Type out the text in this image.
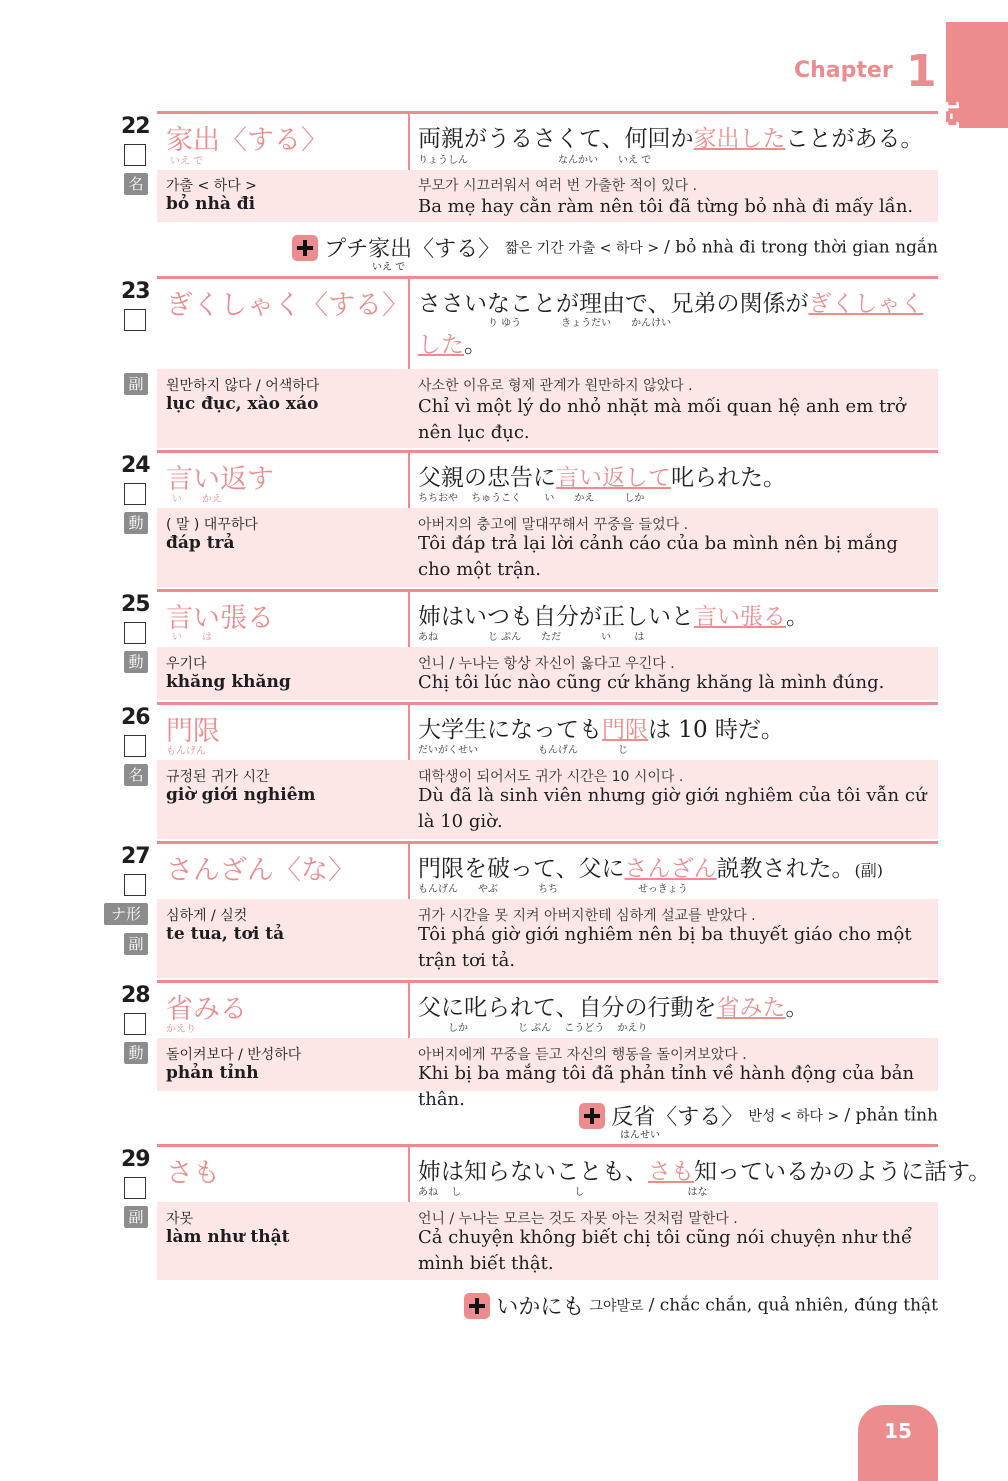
Chapter 1
1-155
22
名
家出〈する〉
いえ で
両親がうるさくて、何回か家出したことがある。
りょうしん　　　　　　　　　なんかい　　いえ で
가출 < 하다 >
bỏ nhà đi
부모가 시끄러워서 여러 번 가출한 적이 있다 .
Ba mẹ hay cằn ràm nên tôi đã từng bỏ nhà đi mấy lần.
プチ家出〈する〉 짧은 기간 가출 < 하다 > / bỏ nhà đi trong thời gian ngắn
いえ で
23
副
ぎくしゃく〈する〉 ささいなことが理由で、兄弟の関係がぎくしゃく
　　　　　　　り ゆう　　　　きょうだい　　かんけい
した。
원만하지 않다 / 어색하다
lục đục, xào xáo
사소한 이유로 형제 관계가 원만하지 않았다 .
Chỉ vì một lý do nhỏ nhặt mà mối quan hệ anh em trở nên lục đục.
24
動
言い返す
い　　かえ
父親の忠告に言い返して叱られた。
ちちおや　 ちゅうこく　　 い　　かえ　　　しか
( 말 ) 대꾸하다
đáp trả
아버지의 충고에 말대꾸해서 꾸중을 들었다 .
Tôi đáp trả lại lời cảnh cáo của ba mình nên bị mắng cho một trận.
25
動
言い張る
い　　は
姉はいつも自分が正しいと言い張る。
あね　　　　　じ ぶん　　ただ　　　　い　　 は
우기다
khăng khăng
언니 / 누나는 항상 자신이 옳다고 우긴다 .
Chị tôi lúc nào cũng cứ khăng khăng là mình đúng.
26
名
門限
もんげん
大学生になっても門限は 10 時だ。
だいがくせい　　　　　　もんげん　　　　じ
규정된 귀가 시간
giờ giới nghiêm
대학생이 되어서도 귀가 시간은 10 시이다 .
Dù đã là sinh viên nhưng giờ giới nghiêm của tôi vẫn cứ là 10 giờ.
27
ナ形
副
さんざん〈な〉	門限を破って、父にさんざん説教された。(副)
もんげん　　やぶ　　　　ちち　　　　　　　　せっきょう
심하게 / 실컷
te tua, tơi tả
귀가 시간을 못 지켜 아버지한테 심하게 설교를 받았다 .
Tôi phá giờ giới nghiêm nên bị ba thuyết giáo cho một trận tơi tả.
28
動
省みる
かえり
父に叱られて、自分の行動を省みた。
　　　しか　　　　　じ ぶん　 こうどう　 かえり
돌이켜보다 / 반성하다
phản tỉnh
아버지에게 꾸중을 듣고 자신의 행동을 돌이켜보았다 .
Khi bị ba mắng tôi đã phản tỉnh về hành động của bản thân.
反省〈する〉 반성 < 하다 > / phản tỉnh
はんせい
29
副
さも	姉は知らないことも、さも知っているかのように話す。
あね　 し　　　　　　　　　　　 し　　　　　　　　　　 はな
자못
làm như thật
언니 / 누나는 모르는 것도 자못 아는 것처럼 말한다 .
Cả chuyện không biết chị tôi cũng nói chuyện như thể mình biết thật.
いかにも 그야말로 / chắc chắn, quả nhiên, đúng thật
15
